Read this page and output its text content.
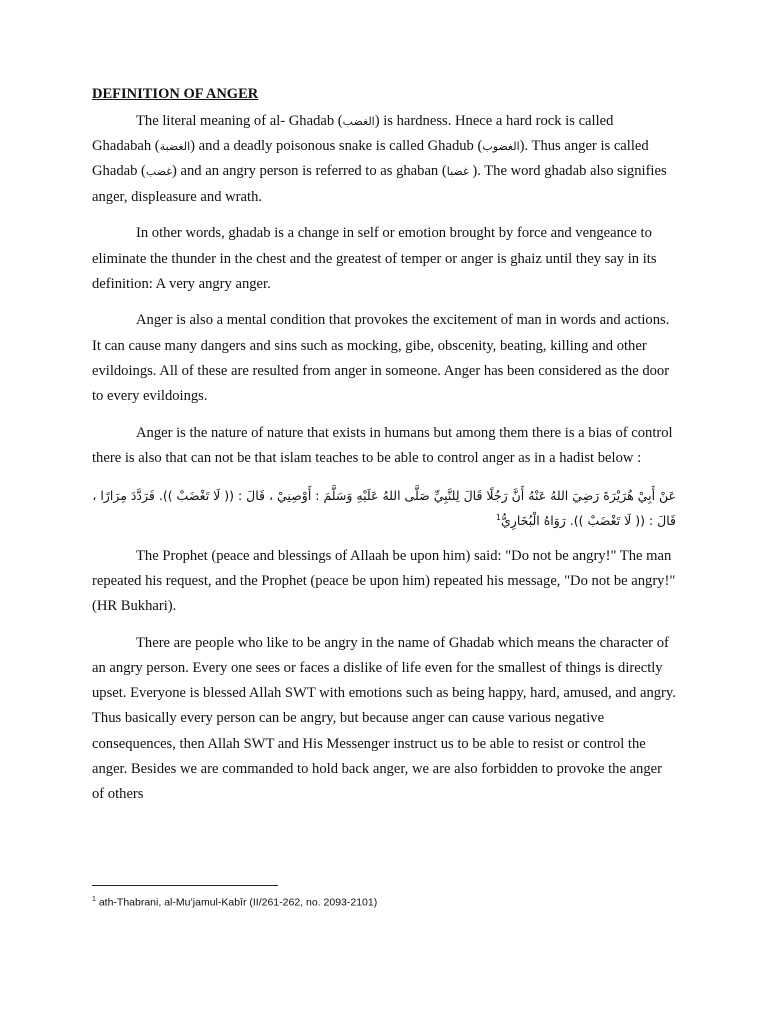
DEFINITION OF ANGER

The literal meaning of al- Ghadab (الغضب) is hardness. Hnece a hard rock is called Ghadabah (الغضبة) and a deadly poisonous snake is called Ghadub (الغضوب). Thus anger is called Ghadab (غضب) and an angry person is referred to as ghaban (غضبا ). The word ghadab also signifies anger, displeasure and wrath.

In other words, ghadab is a change in self or emotion brought by force and vengeance to eliminate the thunder in the chest and the greatest of temper or anger is ghaiz until they say in its definition: A very angry anger.

Anger is also a mental condition that provokes the excitement of man in words and actions. It can cause many dangers and sins such as mocking, gibe, obscenity, beating, killing and other evildoings. All of these are resulted from anger in someone. Anger has been considered as the door to every evildoings.

Anger is the nature of nature that exists in humans but among them there is a bias of control there is also that can not be that islam teaches to be able to control anger as in a hadist below :

عَنْ أَبِيْ هُرَيْرَةَ رَضِيَ اللهُ عَنْهُ أَنَّ رَجُلًا قَالَ لِلنَّبِيِّ صَلَّى اللهُ عَلَيْهِ وَسَلَّمَ : أَوْصِنِيْ ، قَالَ : (( لَا تَغْضَبْ )). فَرَدَّدَ مِرَارًا ، قَالَ : (( لَا تَغْضَبْ )). رَوَاهُ الْبُخَارِيُّ$^1$

The Prophet (peace and blessings of Allaah be upon him) said: "Do not be angry!" The man repeated his request, and the Prophet (peace be upon him) repeated his message, "Do not be angry!" (HR Bukhari).

There are people who like to be angry in the name of Ghadab which means the character of an angry person. Every one sees or faces a dislike of life even for the smallest of things is directly upset. Everyone is blessed Allah SWT with emotions such as being happy, hard, amused, and angry. Thus basically every person can be angry, but because anger can cause various negative consequences, then Allah SWT and His Messenger instruct us to be able to resist or control the anger. Besides we are commanded to hold back anger, we are also forbidden to provoke the anger of others

$^1$ ath-Thabrani, al-Mu’jamul-Kabîr (II/261-262, no. 2093-2101)
